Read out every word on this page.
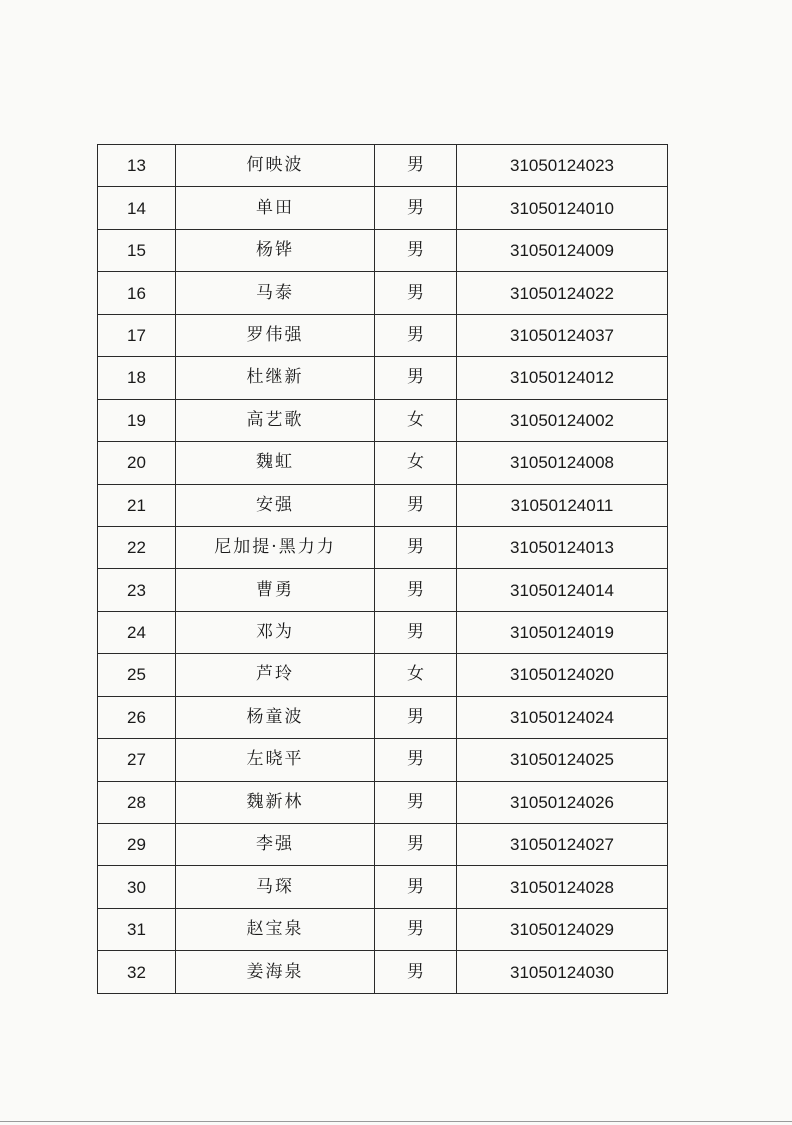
13	何映波	男	31050124023
14	单田	男	31050124010
15	杨铧	男	31050124009
16	马泰	男	31050124022
17	罗伟强	男	31050124037
18	杜继新	男	31050124012
19	高艺歌	女	31050124002
20	魏虹	女	31050124008
21	安强	男	31050124011
22	尼加提·黑力力	男	31050124013
23	曹勇	男	31050124014
24	邓为	男	31050124019
25	芦玲	女	31050124020
26	杨童波	男	31050124024
27	左晓平	男	31050124025
28	魏新林	男	31050124026
29	李强	男	31050124027
30	马琛	男	31050124028
31	赵宝泉	男	31050124029
32	姜海泉	男	31050124030
